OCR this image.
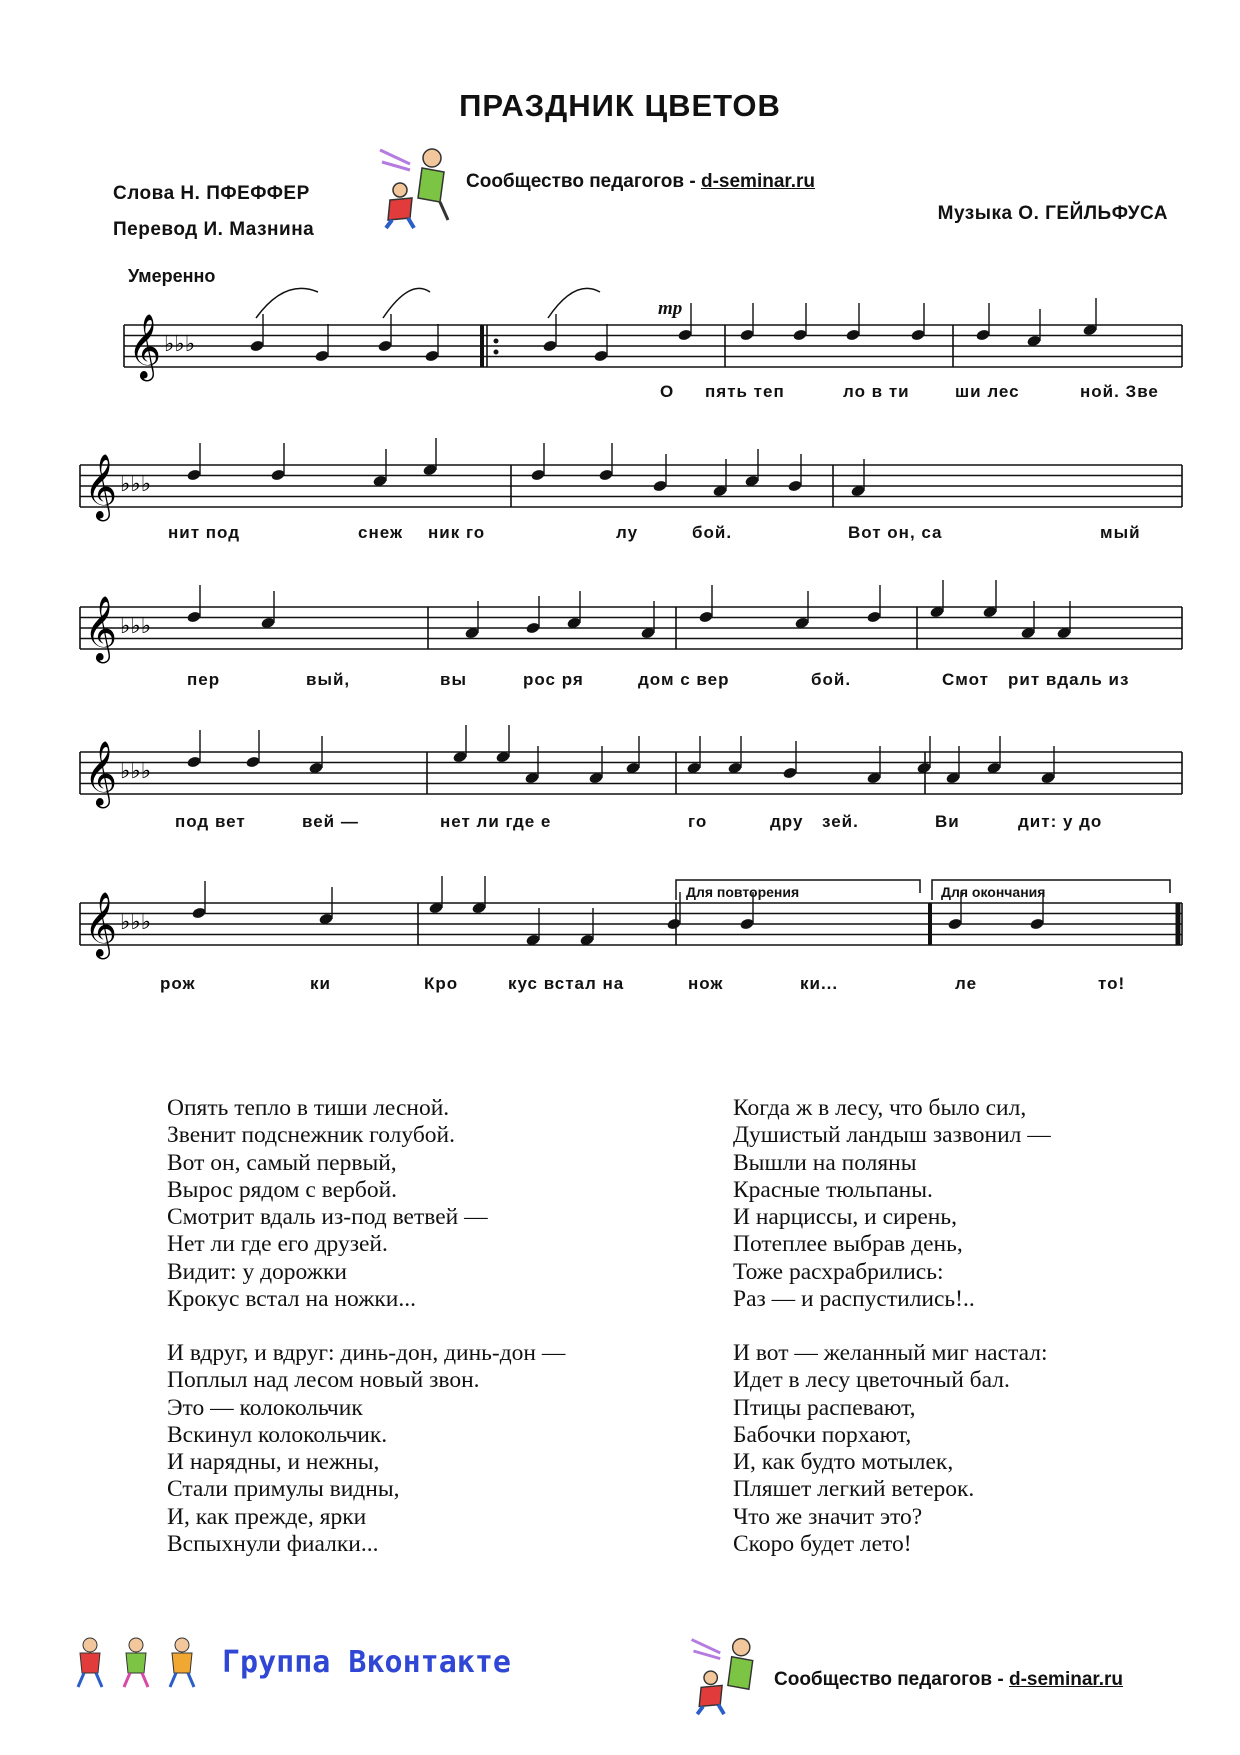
ПРАЗДНИК ЦВЕТОВ
Слова Н. ПФЕФФЕР
Перевод И. Мазнина
Музыка О. ГЕЙЛЬФУСА
Сообщество педагогов - d-seminar.ru
Умеренно
𝄞 ♭♭♭
𝄞 ♭♭♭
𝄞 ♭♭♭
𝄞 ♭♭♭
𝄞 ♭♭♭
О пять теп	ло в ти	ши лес	ной. Зве
нит под	снеж ник го	лу	бой.	Вот он, са	мый
пер	вый,	вы	рос ря	дом с вер	бой.	Смот рит вдаль из
под вет	вей —	нет ли где е	го	дру зей.	Ви	дит: у до
рож	ки	Кро	кус встал на	нож	ки...	ле	то!
mp
Для повторения	Для окончания
Опять тепло в тиши лесной.
Звенит подснежник голубой.
Вот он, самый первый,
Вырос рядом с вербой.
Смотрит вдаль из-под ветвей —
Нет ли где его друзей.
Видит: у дорожки
Крокус встал на ножки...
И вдруг, и вдруг: динь-дон, динь-дон —
Поплыл над лесом новый звон.
Это — колокольчик
Вскинул колокольчик.
И нарядны, и нежны,
Стали примулы видны,
И, как прежде, ярки
Вспыхнули фиалки...
Когда ж в лесу, что было сил,
Душистый ландыш зазвонил —
Вышли на поляны
Красные тюльпаны.
И нарциссы, и сирень,
Потеплее выбрав день,
Тоже расхрабрились:
Раз — и распустились!..
И вот — желанный миг настал:
Идет в лесу цветочный бал.
Птицы распевают,
Бабочки порхают,
И, как будто мотылек,
Пляшет легкий ветерок.
Что же значит это?
Скоро будет лето!
Группа Вконтакте	Сообщество педагогов - d-seminar.ru
